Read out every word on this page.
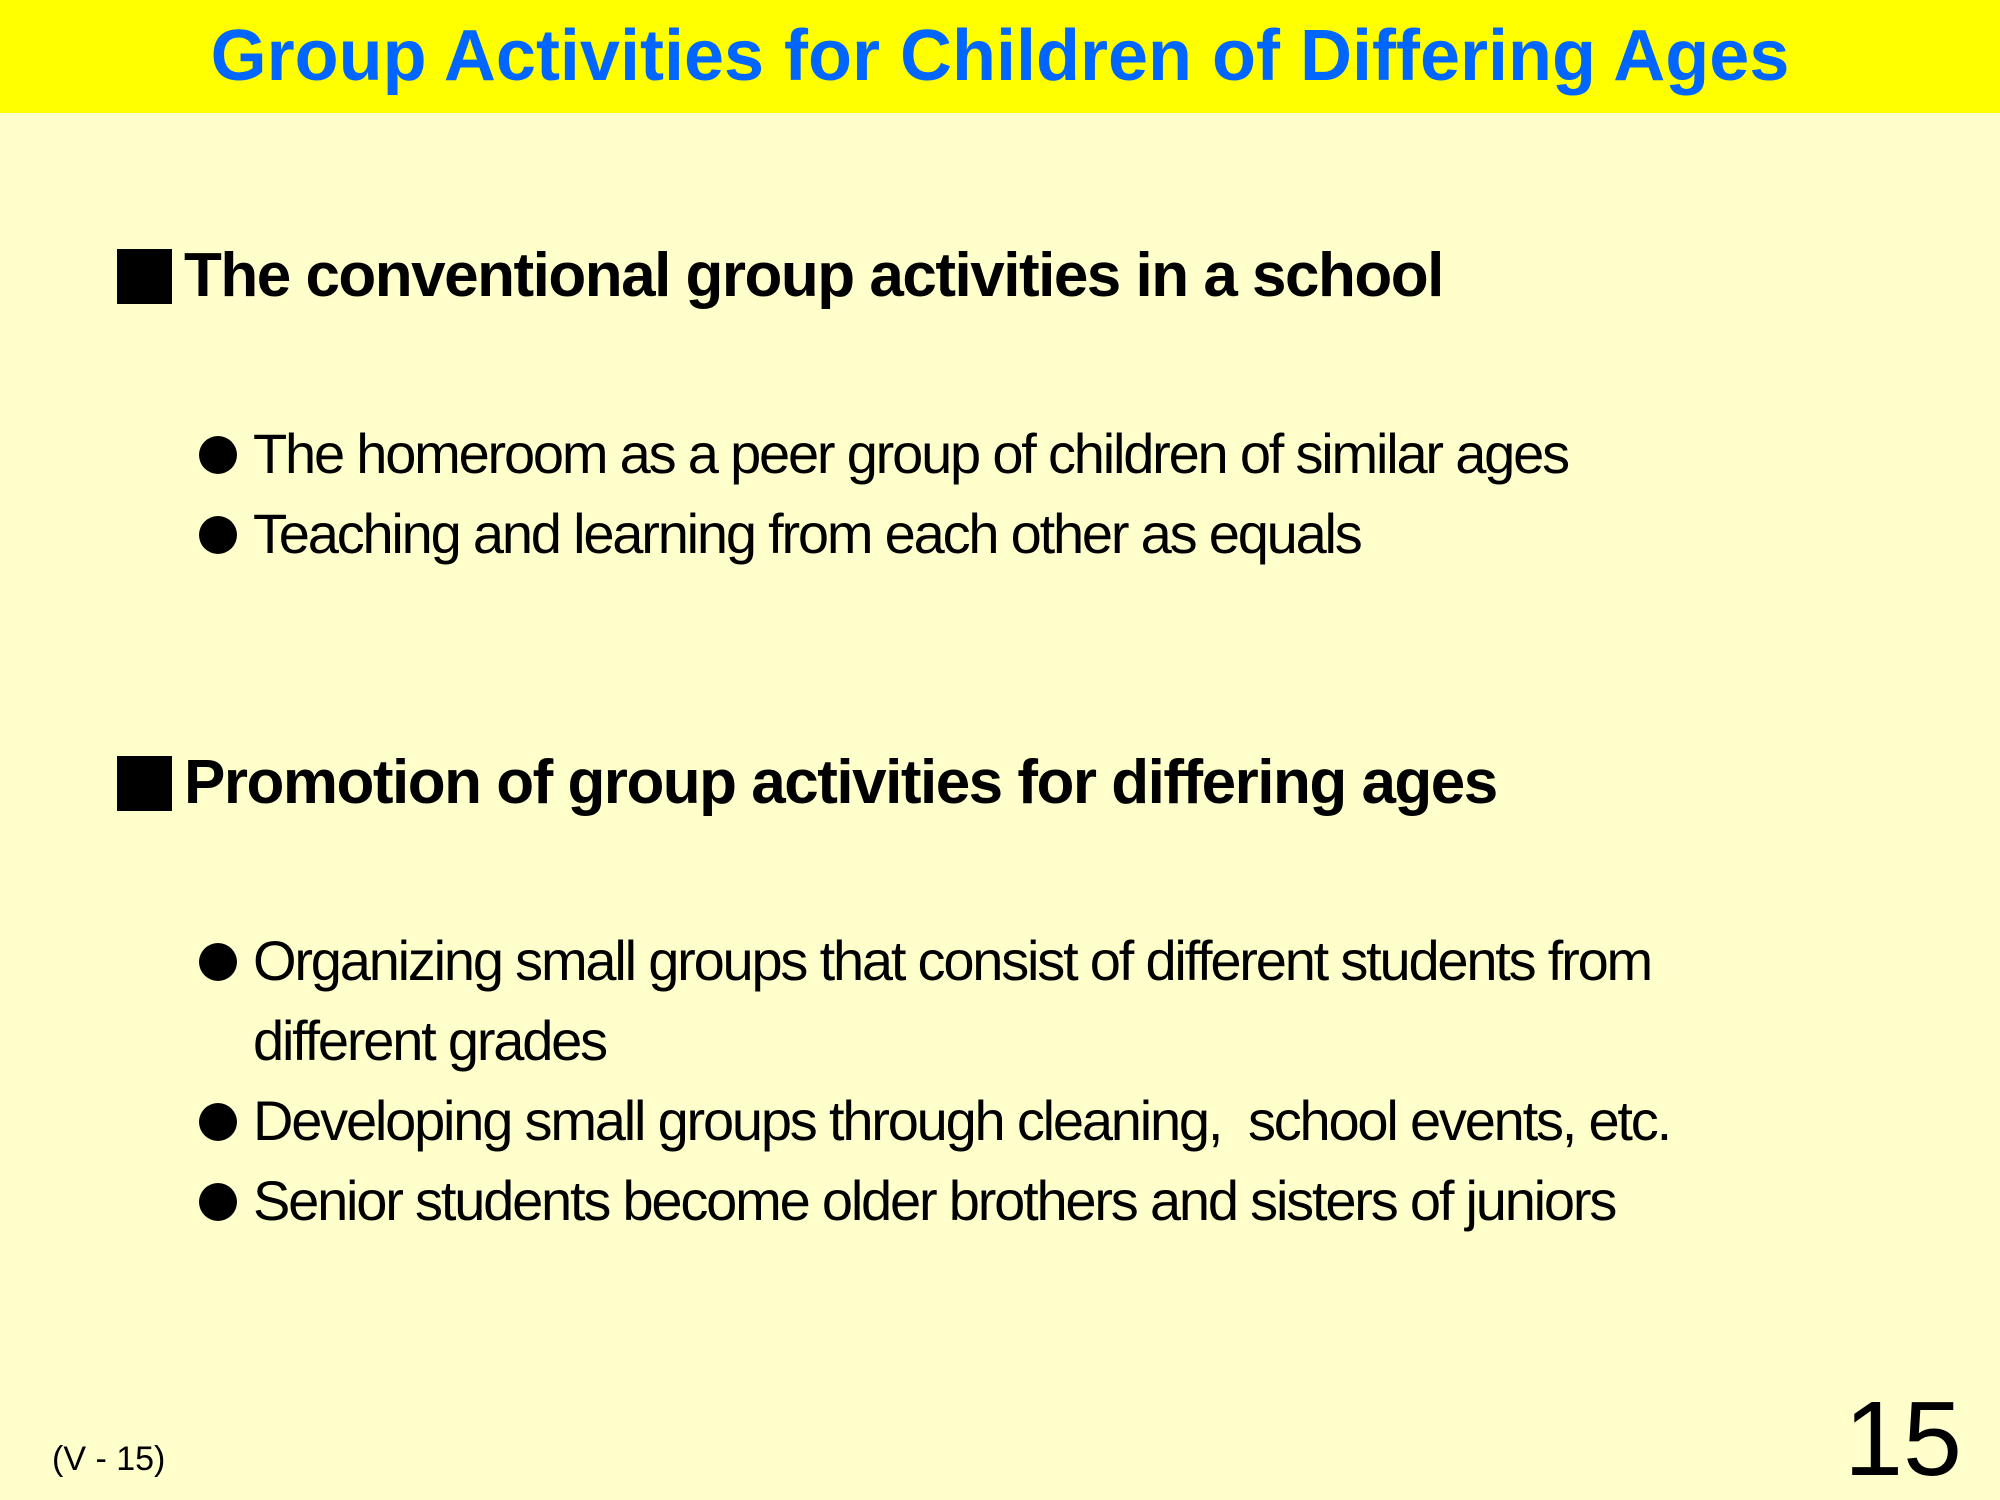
Group Activities for Children of Differing Ages
The conventional group activities in a school
The homeroom as a peer group of children of similar ages
Teaching and learning from each other as equals
Promotion of group activities for differing ages
Organizing small groups that consist of different students from different grades
Developing small groups through cleaning,  school events, etc.
Senior students become older brothers and sisters of juniors
(V - 15)	15
